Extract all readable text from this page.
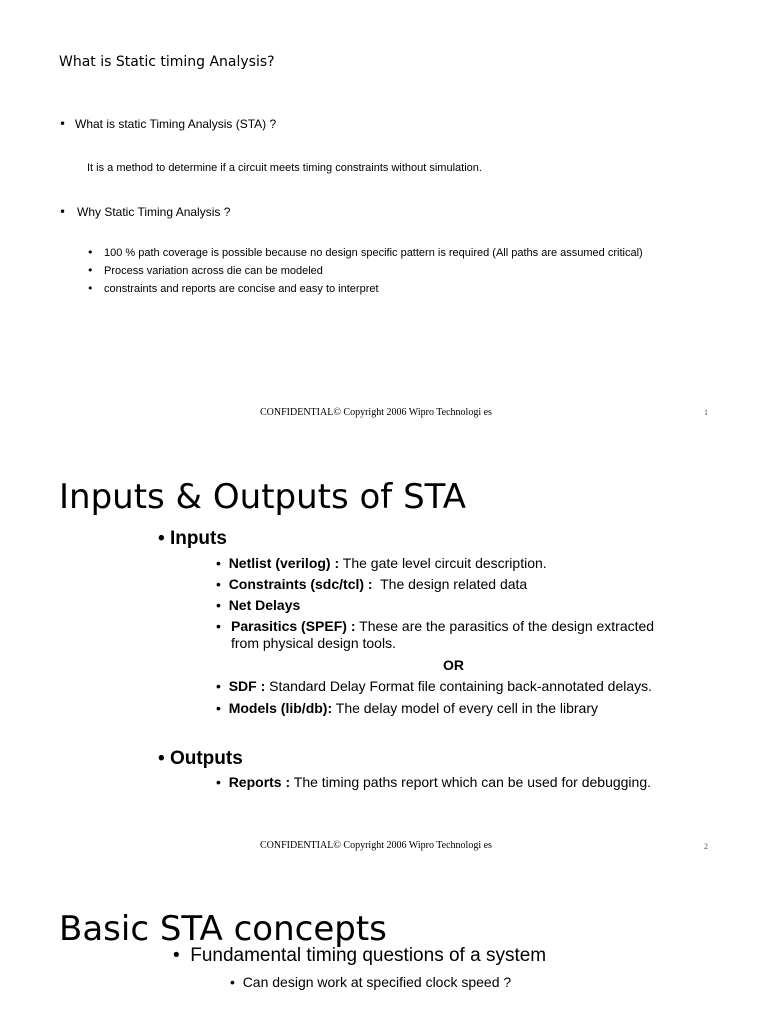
What is Static timing Analysis?
• What is static Timing Analysis (STA) ?
It is a method to determine if a circuit meets timing constraints without simulation.
• Why Static Timing Analysis ?
• 100 % path coverage is possible because no design specific pattern is required (All paths are assumed critical)
• Process variation across die can be modeled
• constraints and reports are concise and easy to interpret
CONFIDENTIAL© Copyright 2006 Wipro Technologi es	1
Inputs & Outputs of STA
• Inputs
•  Netlist (verilog) : The gate level circuit description.
•  Constraints (sdc/tcl) :  The design related data
•  Net Delays
• Parasitics (SPEF) : These are the parasitics of the design extracted from physical design tools.
OR
•  SDF : Standard Delay Format file containing back-annotated delays.
•  Models (lib/db): The delay model of every cell in the library
• Outputs
•  Reports : The timing paths report which can be used for debugging.
CONFIDENTIAL© Copyright 2006 Wipro Technologi es	2
Basic STA concepts
•  Fundamental timing questions of a system
•  Can design work at specified clock speed ?
